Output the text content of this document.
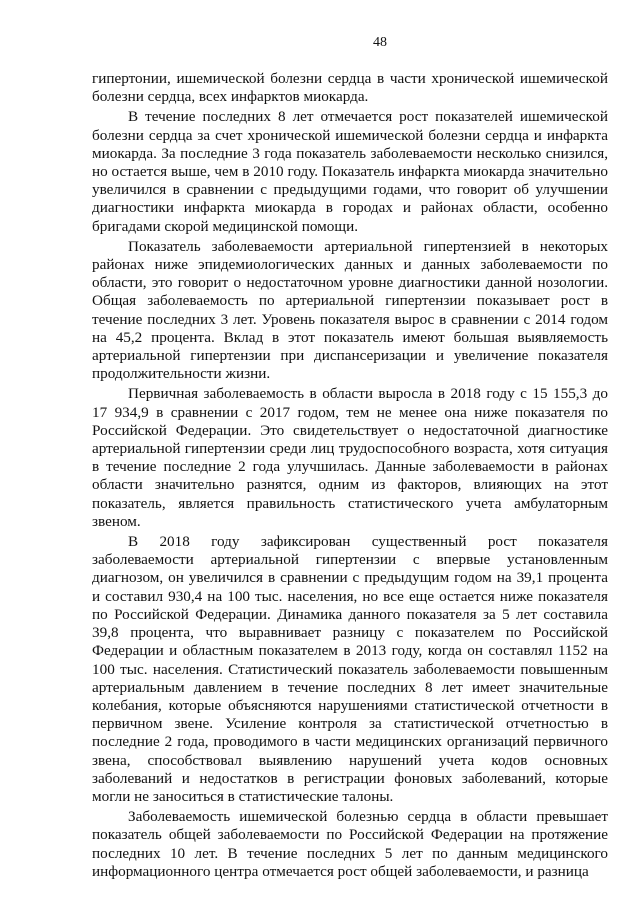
48

гипертонии, ишемической болезни сердца в части хронической ишемической болезни сердца, всех инфарктов миокарда.

В течение последних 8 лет отмечается рост показателей ишемической болезни сердца за счет хронической ишемической болезни сердца и инфаркта миокарда. За последние 3 года показатель заболеваемости несколько снизился, но остается выше, чем в 2010 году. Показатель инфаркта миокарда значительно увеличился в сравнении с предыдущими годами, что говорит об улучшении диагностики инфаркта миокарда в городах и районах области, особенно бригадами скорой медицинской помощи.

Показатель заболеваемости артериальной гипертензией в некоторых районах ниже эпидемиологических данных и данных заболеваемости по области, это говорит о недостаточном уровне диагностики данной нозологии. Общая заболеваемость по артериальной гипертензии показывает рост в течение последних 3 лет. Уровень показателя вырос в сравнении с 2014 годом на 45,2 процента. Вклад в этот показатель имеют большая выявляемость артериальной гипертензии при диспансеризации и увеличение показателя продолжительности жизни.

Первичная заболеваемость в области выросла в 2018 году с 15 155,3 до 17 934,9 в сравнении с 2017 годом, тем не менее она ниже показателя по Российской Федерации. Это свидетельствует о недостаточной диагностике артериальной гипертензии среди лиц трудоспособного возраста, хотя ситуация в течение последние 2 года улучшилась. Данные заболеваемости в районах области значительно разнятся, одним из факторов, влияющих на этот показатель, является правильность статистического учета амбулаторным звеном.

В 2018 году зафиксирован существенный рост показателя заболеваемости артериальной гипертензии с впервые установленным диагнозом, он увеличился в сравнении с предыдущим годом на 39,1 процента и составил 930,4 на 100 тыс. населения, но все еще остается ниже показателя по Российской Федерации. Динамика данного показателя за 5 лет составила 39,8 процента, что выравнивает разницу с показателем по Российской Федерации и областным показателем в 2013 году, когда он составлял 1152 на 100 тыс. населения. Статистический показатель заболеваемости повышенным артериальным давлением в течение последних 8 лет имеет значительные колебания, которые объясняются нарушениями статистической отчетности в первичном звене. Усиление контроля за статистической отчетностью в последние 2 года, проводимого в части медицинских организаций первичного звена, способствовал выявлению нарушений учета кодов основных заболеваний и недостатков в регистрации фоновых заболеваний, которые могли не заноситься в статистические талоны.

Заболеваемость ишемической болезнью сердца в области превышает показатель общей заболеваемости по Российской Федерации на протяжение последних 10 лет. В течение последних 5 лет по данным медицинского информационного центра отмечается рост общей заболеваемости, и разница
